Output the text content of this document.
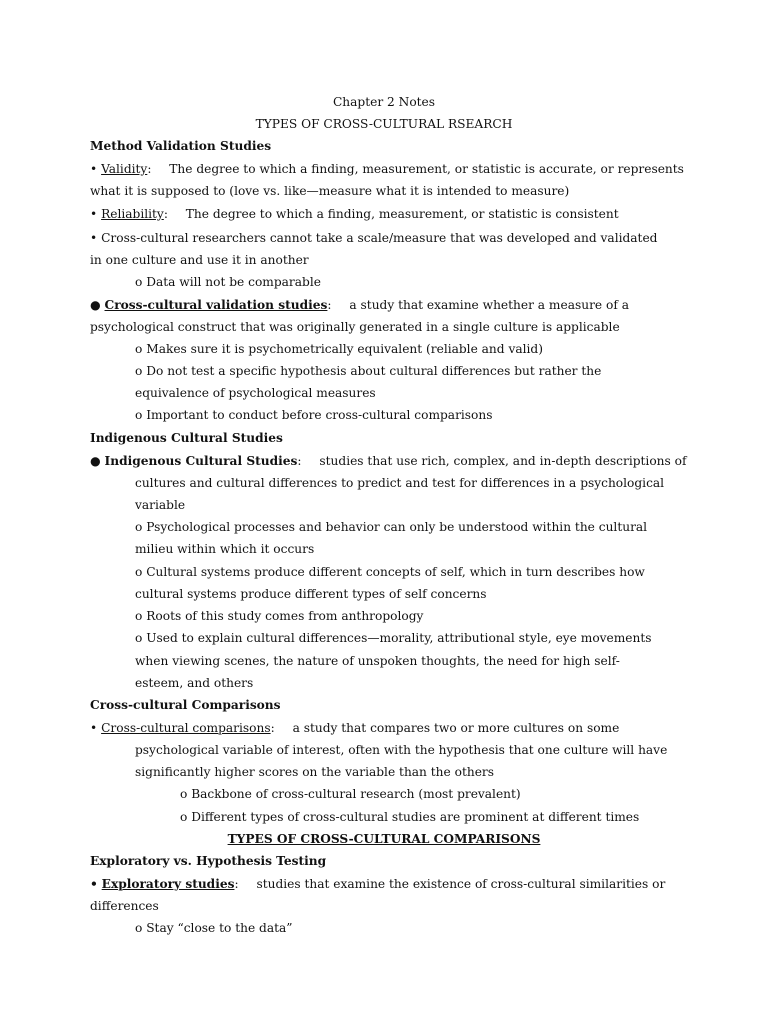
Chapter 2 Notes
TYPES OF CROSS-CULTURAL RSEARCH
Method Validation Studies
• Validity: The degree to which a finding, measurement, or statistic is accurate, or represents
what it is supposed to (love vs. like—measure what it is intended to measure)
• Reliability: The degree to which a finding, measurement, or statistic is consistent
• Cross-cultural researchers cannot take a scale/measure that was developed and validated
in one culture and use it in another
o Data will not be comparable
● Cross-cultural validation studies: a study that examine whether a measure of a
psychological construct that was originally generated in a single culture is applicable
o Makes sure it is psychometrically equivalent (reliable and valid)
o Do not test a specific hypothesis about cultural differences but rather the
equivalence of psychological measures
o Important to conduct before cross-cultural comparisons
Indigenous Cultural Studies
● Indigenous Cultural Studies: studies that use rich, complex, and in-depth descriptions of
cultures and cultural differences to predict and test for differences in a psychological
variable
o Psychological processes and behavior can only be understood within the cultural
milieu within which it occurs
o Cultural systems produce different concepts of self, which in turn describes how
cultural systems produce different types of self concerns
o Roots of this study comes from anthropology
o Used to explain cultural differences—morality, attributional style, eye movements
when viewing scenes, the nature of unspoken thoughts, the need for high self-
esteem, and others
Cross-cultural Comparisons
• Cross-cultural comparisons: a study that compares two or more cultures on some
psychological variable of interest, often with the hypothesis that one culture will have
significantly higher scores on the variable than the others
o Backbone of cross-cultural research (most prevalent)
o Different types of cross-cultural studies are prominent at different times
TYPES OF CROSS-CULTURAL COMPARISONS
Exploratory vs. Hypothesis Testing
• Exploratory studies: studies that examine the existence of cross-cultural similarities or
differences
o Stay “close to the data”
